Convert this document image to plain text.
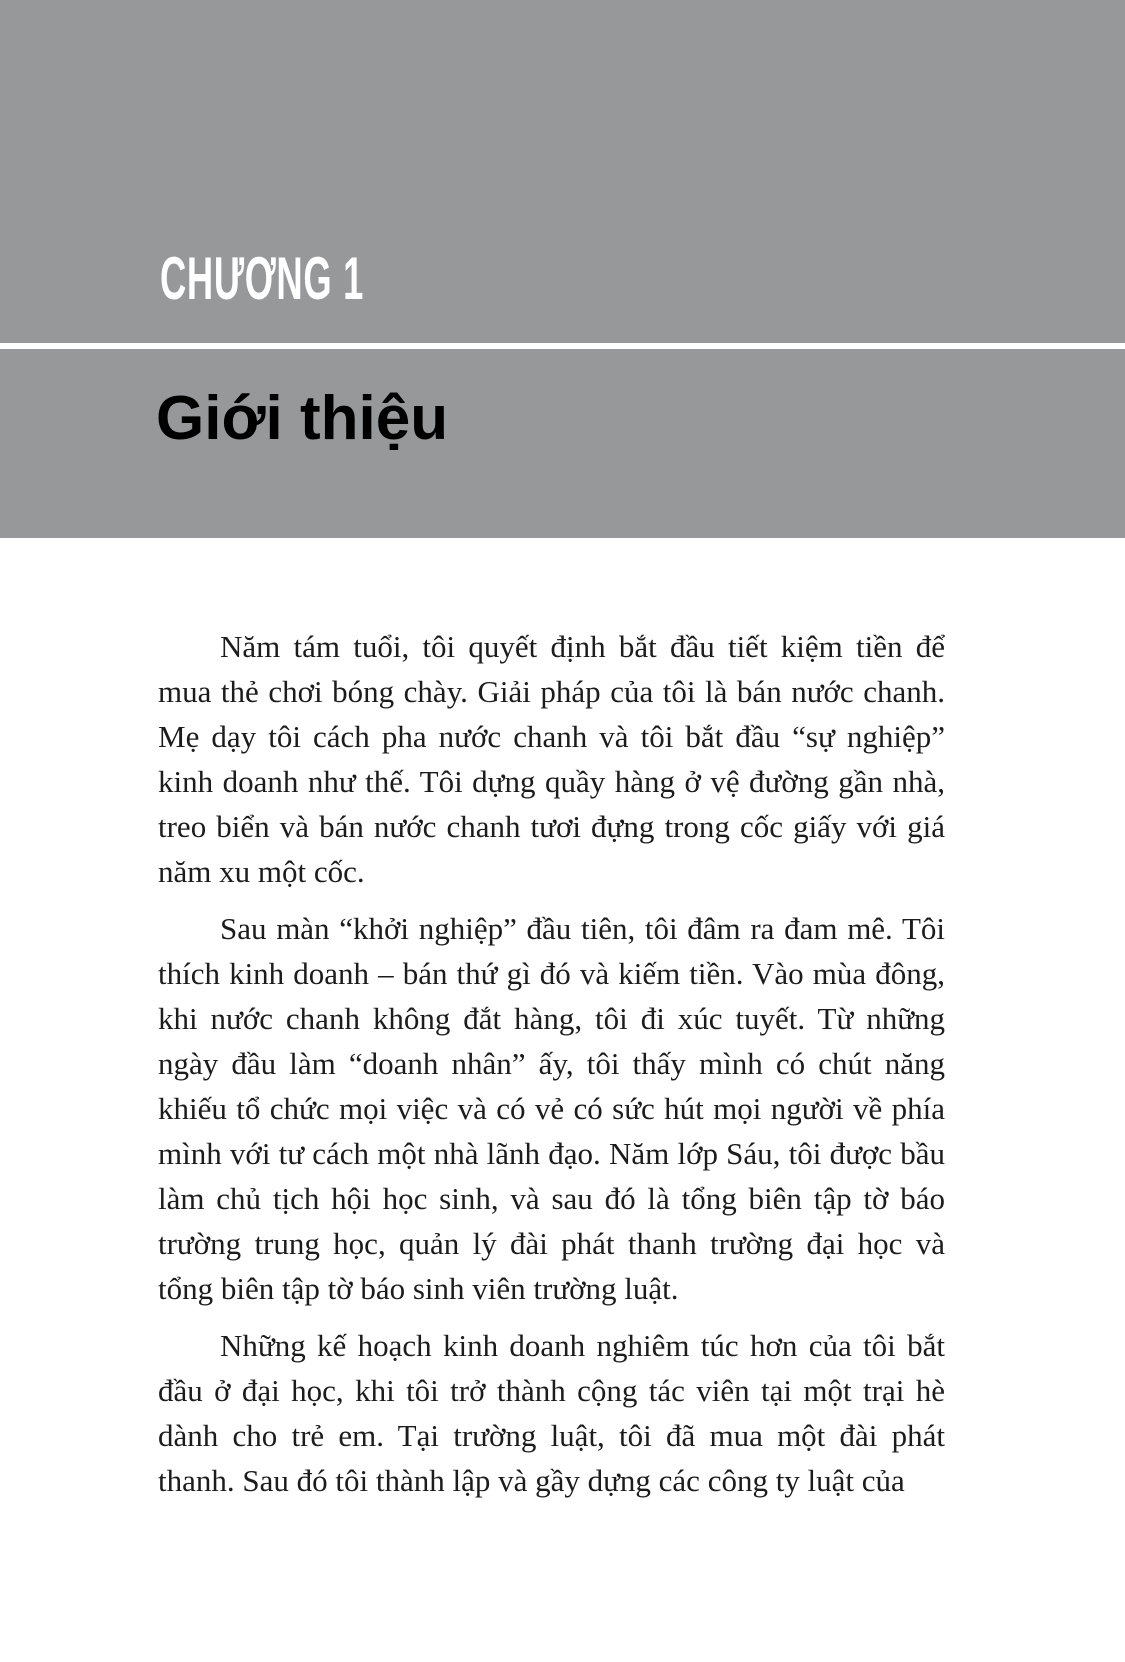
CHƯƠNG 1
Giới thiệu

Năm tám tuổi, tôi quyết định bắt đầu tiết kiệm tiền để mua thẻ chơi bóng chày. Giải pháp của tôi là bán nước chanh. Mẹ dạy tôi cách pha nước chanh và tôi bắt đầu “sự nghiệp” kinh doanh như thế. Tôi dựng quầy hàng ở vệ đường gần nhà, treo biển và bán nước chanh tươi đựng trong cốc giấy với giá năm xu một cốc.

Sau màn “khởi nghiệp” đầu tiên, tôi đâm ra đam mê. Tôi thích kinh doanh – bán thứ gì đó và kiếm tiền. Vào mùa đông, khi nước chanh không đắt hàng, tôi đi xúc tuyết. Từ những ngày đầu làm “doanh nhân” ấy, tôi thấy mình có chút năng khiếu tổ chức mọi việc và có vẻ có sức hút mọi người về phía mình với tư cách một nhà lãnh đạo. Năm lớp Sáu, tôi được bầu làm chủ tịch hội học sinh, và sau đó là tổng biên tập tờ báo trường trung học, quản lý đài phát thanh trường đại học và tổng biên tập tờ báo sinh viên trường luật.

Những kế hoạch kinh doanh nghiêm túc hơn của tôi bắt đầu ở đại học, khi tôi trở thành cộng tác viên tại một trại hè dành cho trẻ em. Tại trường luật, tôi đã mua một đài phát thanh. Sau đó tôi thành lập và gầy dựng các công ty luật của
